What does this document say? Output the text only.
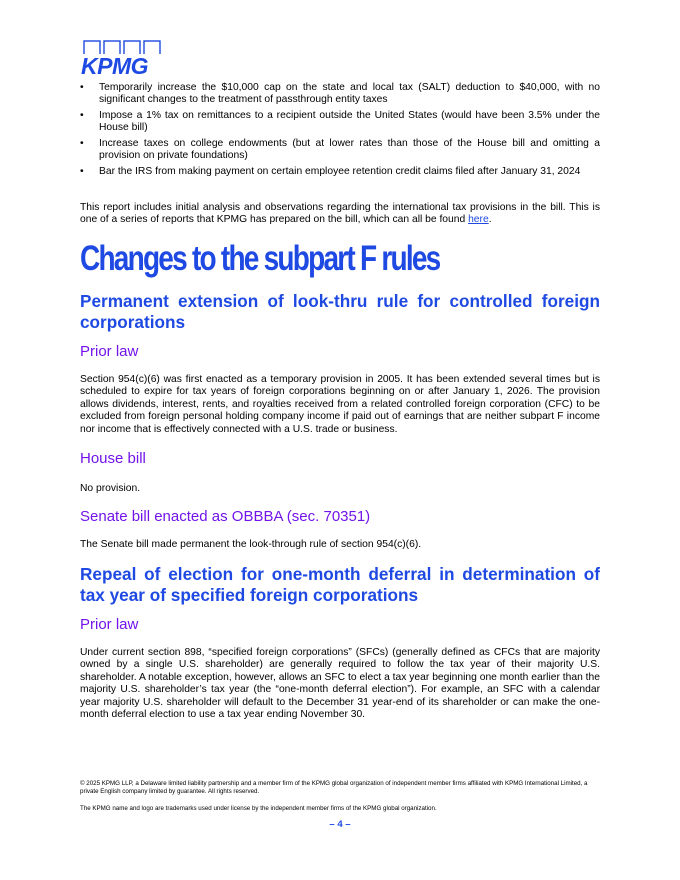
KPMG
• Temporarily increase the $10,000 cap on the state and local tax (SALT) deduction to $40,000, with no significant changes to the treatment of passthrough entity taxes
• Impose a 1% tax on remittances to a recipient outside the United States (would have been 3.5% under the House bill)
• Increase taxes on college endowments (but at lower rates than those of the House bill and omitting a provision on private foundations)
• Bar the IRS from making payment on certain employee retention credit claims filed after January 31, 2024

This report includes initial analysis and observations regarding the international tax provisions in the bill. This is one of a series of reports that KPMG has prepared on the bill, which can all be found here.

Changes to the subpart F rules
Permanent extension of look-thru rule for controlled foreign corporations
Prior law

Section 954(c)(6) was first enacted as a temporary provision in 2005. It has been extended several times but is scheduled to expire for tax years of foreign corporations beginning on or after January 1, 2026. The provision allows dividends, interest, rents, and royalties received from a related controlled foreign corporation (CFC) to be excluded from foreign personal holding company income if paid out of earnings that are neither subpart F income nor income that is effectively connected with a U.S. trade or business.

House bill

No provision.

Senate bill enacted as OBBBA (sec. 70351)

The Senate bill made permanent the look-through rule of section 954(c)(6).

Repeal of election for one-month deferral in determination of tax year of specified foreign corporations
Prior law

Under current section 898, “specified foreign corporations” (SFCs) (generally defined as CFCs that are majority owned by a single U.S. shareholder) are generally required to follow the tax year of their majority U.S. shareholder. A notable exception, however, allows an SFC to elect a tax year beginning one month earlier than the majority U.S. shareholder’s tax year (the “one-month deferral election”). For example, an SFC with a calendar year majority U.S. shareholder will default to the December 31 year-end of its shareholder or can make the one-month deferral election to use a tax year ending November 30.

© 2025 KPMG LLP, a Delaware limited liability partnership and a member firm of the KPMG global organization of independent member firms affiliated with KPMG International Limited, a private English company limited by guarantee. All rights reserved.

The KPMG name and logo are trademarks used under license by the independent member firms of the KPMG global organization.

– 4 –
